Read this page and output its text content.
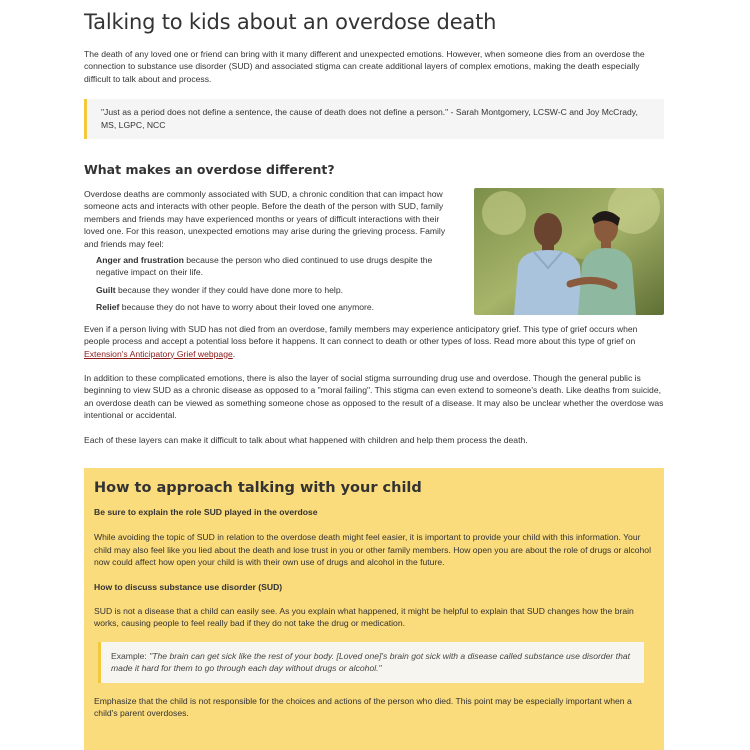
Talking to kids about an overdose death

The death of any loved one or friend can bring with it many different and unexpected emotions. However, when someone dies from an overdose the connection to substance use disorder (SUD) and associated stigma can create additional layers of complex emotions, making the death especially difficult to talk about and process.

"Just as a period does not define a sentence, the cause of death does not define a person." - Sarah Montgomery, LCSW-C and Joy McCrady, MS, LGPC, NCC
What makes an overdose different?

Overdose deaths are commonly associated with SUD, a chronic condition that can impact how someone acts and interacts with other people. Before the death of the person with SUD, family members and friends may have experienced months or years of difficult interactions with their loved one. For this reason, unexpected emotions may arise during the grieving process. Family and friends may feel:

Anger and frustration because the person who died continued to use drugs despite the negative impact on their life.
Guilt because they wonder if they could have done more to help.
Relief because they do not have to worry about their loved one anymore.

Even if a person living with SUD has not died from an overdose, family members may experience anticipatory grief. This type of grief occurs when people process and accept a potential loss before it happens. It can connect to death or other types of loss. Read more about this type of grief on Extension's Anticipatory Grief webpage.

In addition to these complicated emotions, there is also the layer of social stigma surrounding drug use and overdose. Though the general public is beginning to view SUD as a chronic disease as opposed to a "moral failing". This stigma can even extend to someone's death. Like deaths from suicide, an overdose death can be viewed as something someone chose as opposed to the result of a disease. It may also be unclear whether the overdose was intentional or accidental.

Each of these layers can make it difficult to talk about what happened with children and help them process the death.

How to approach talking with your child

Be sure to explain the role SUD played in the overdose

While avoiding the topic of SUD in relation to the overdose death might feel easier, it is important to provide your child with this information. Your child may also feel like you lied about the death and lose trust in you or other family members. How open you are about the role of drugs or alcohol now could affect how open your child is with their own use of drugs and alcohol in the future.

How to discuss substance use disorder (SUD)

SUD is not a disease that a child can easily see. As you explain what happened, it might be helpful to explain that SUD changes how the brain works, causing people to feel really bad if they do not take the drug or medication.

Example: "The brain can get sick like the rest of your body. [Loved one]'s brain got sick with a disease called substance use disorder that made it hard for them to go through each day without drugs or alcohol."

Emphasize that the child is not responsible for the choices and actions of the person who died. This point may be especially important when a child's parent overdoses.
